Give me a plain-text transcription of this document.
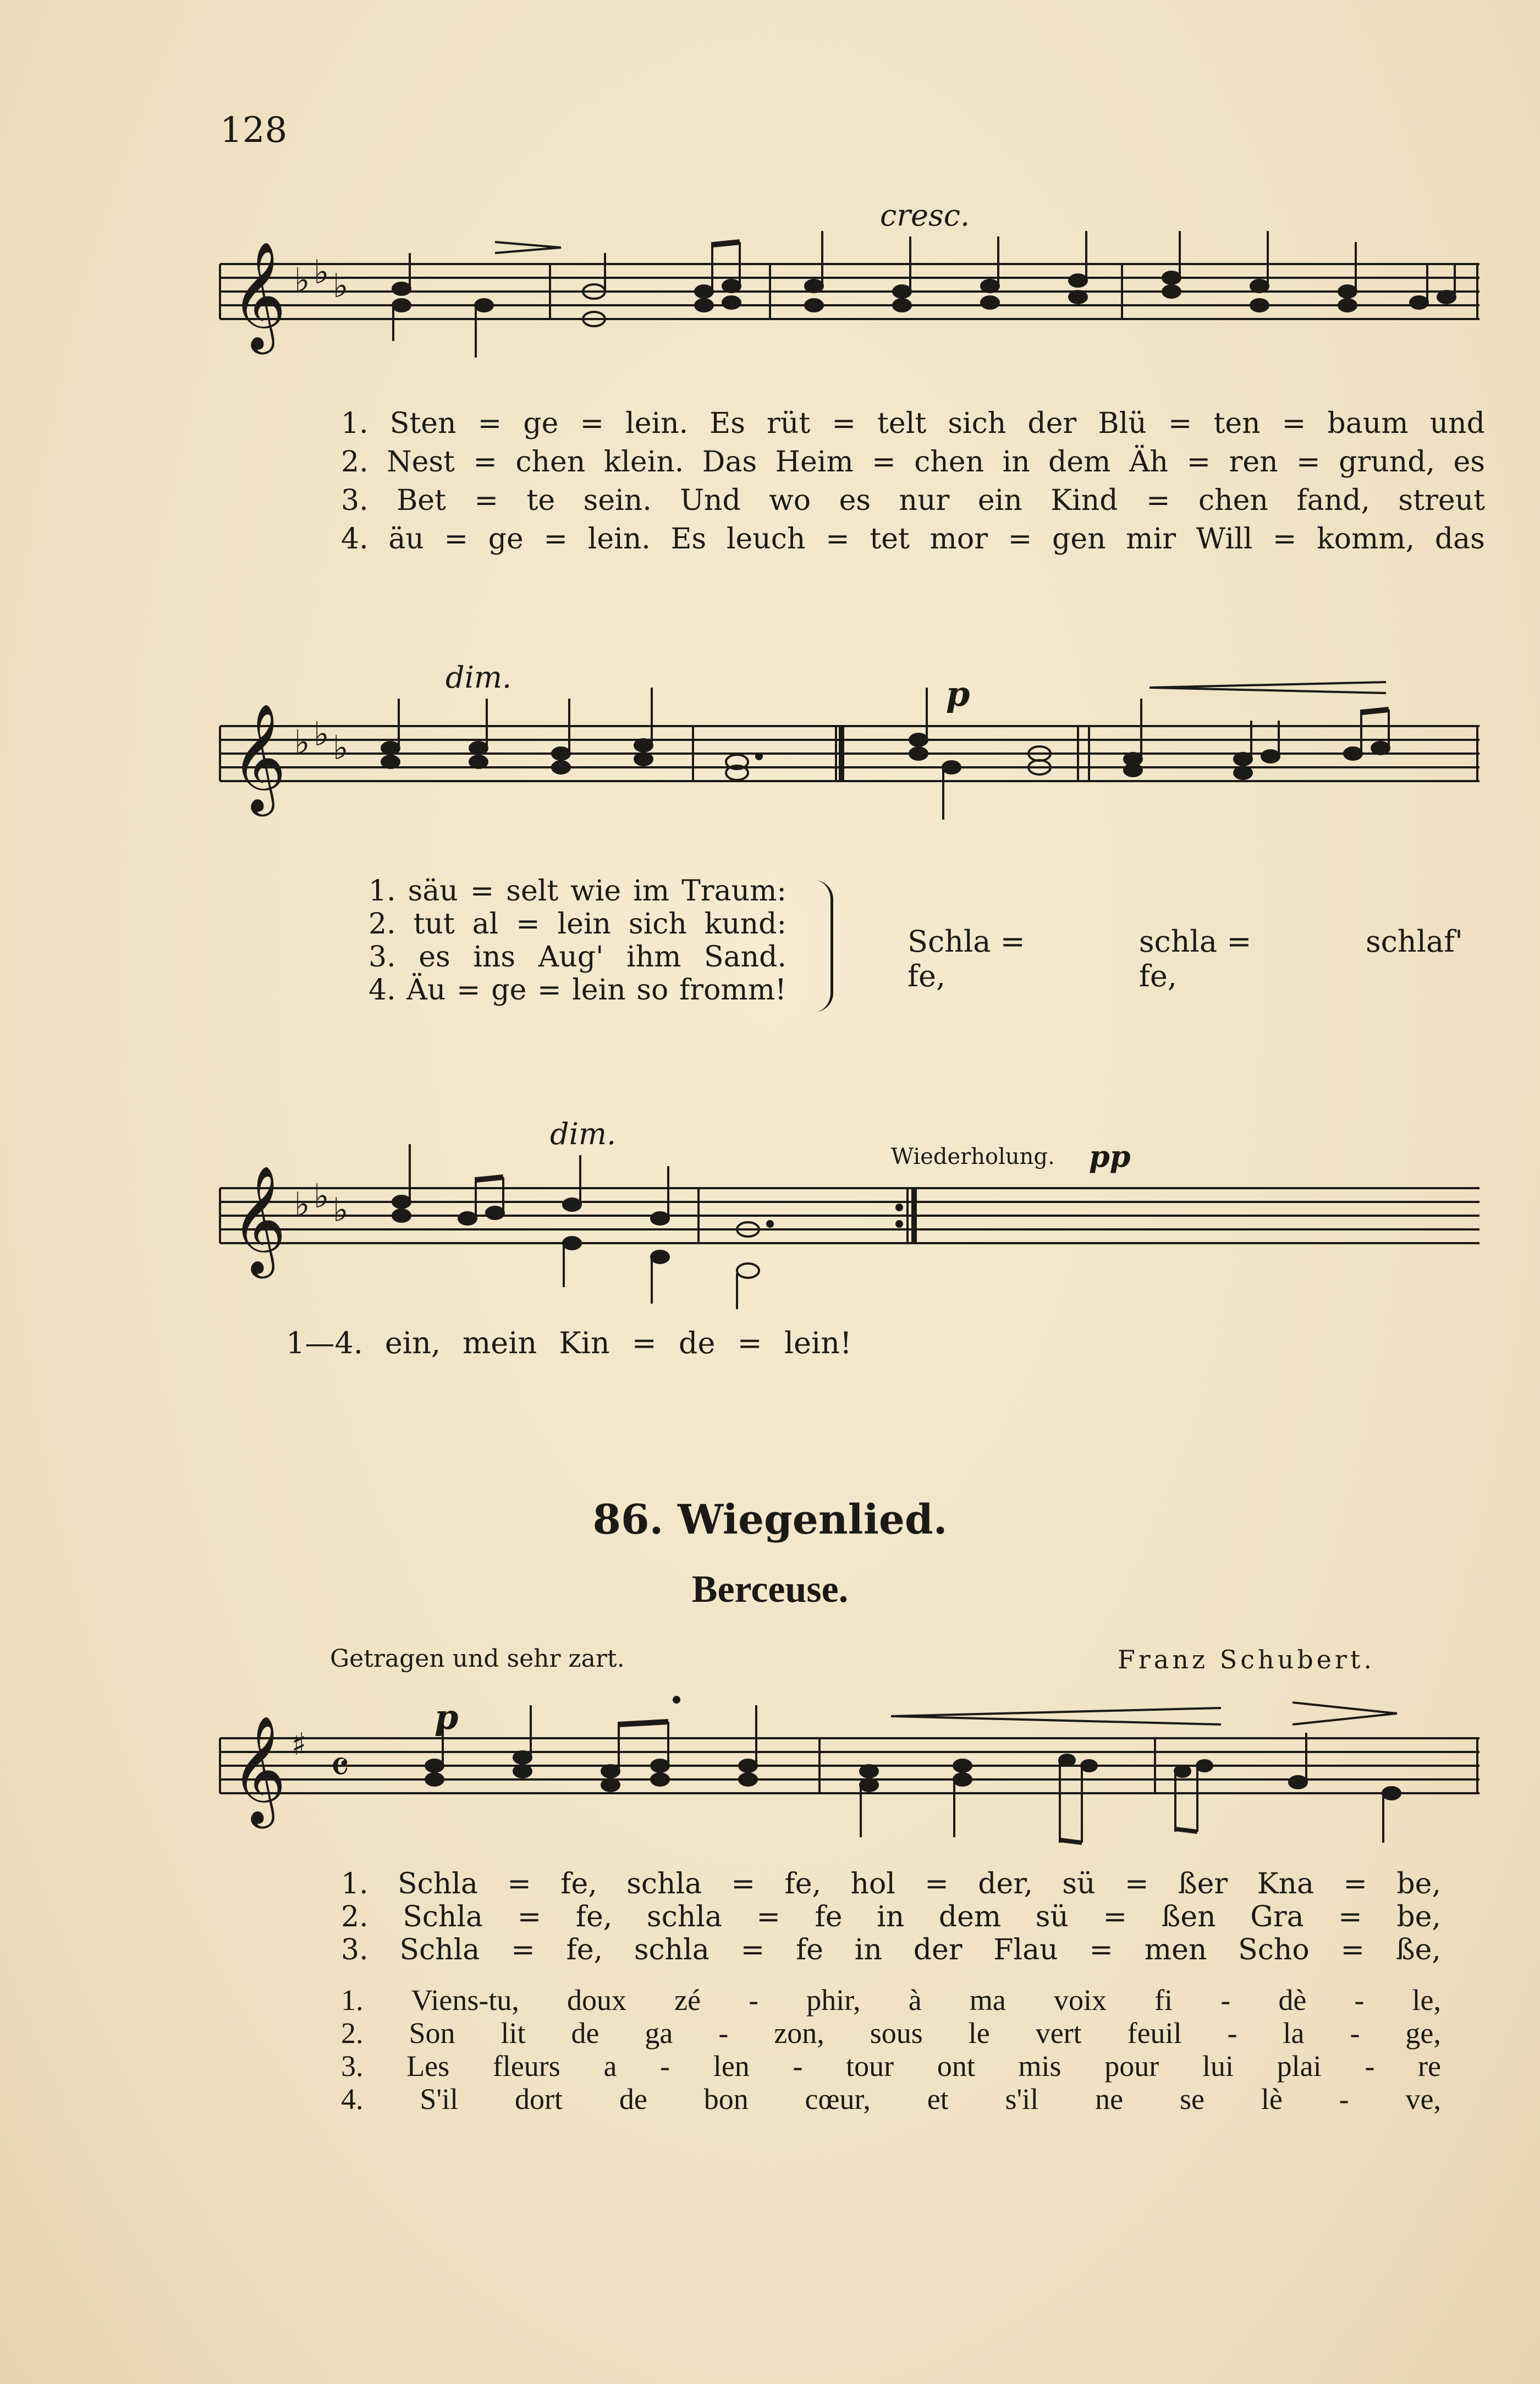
128
cresc.
𝄞 ♭ ♭ ♭
1. Sten = ge = lein. Es rüt = telt sich der Blü = ten = baum und
2. Nest = chen klein. Das Heim = chen in dem Äh = ren = grund, es
3. Bet = te sein. Und wo es nur ein Kind = chen fand, streut
4. äu = ge = lein. Es leuch = tet mor = gen mir Will = komm, das
dim.	p
𝄞 ♭ ♭ ♭
1. säu = selt wie im Traum:
2. tut al = lein sich kund:
3. es ins Aug' ihm Sand.
4. Äu = ge = lein so fromm!
Schla = fe,
schla = fe,
schlaf'
dim.
Wiederholung. pp
𝄞 ♭ ♭ ♭
1—4. ein, mein Kin = de = lein!
86. Wiegenlied.
Berceuse.
Getragen und sehr zart.	Franz Schubert.
p
𝄞 ♯ 𝄴
1. Schla = fe, schla = fe, hol = der, sü = ßer Kna = be,
2. Schla = fe, schla = fe in dem sü = ßen Gra = be,
3. Schla = fe, schla = fe in der Flau = men Scho = ße,
1. Viens-tu, doux zé - phir, à ma voix fi - dè - le,
2. Son lit de ga - zon, sous le vert feuil - la - ge,
3. Les fleurs a - len - tour ont mis pour lui plai - re
4. S'il dort de bon cœur, et s'il ne se lè - ve,
